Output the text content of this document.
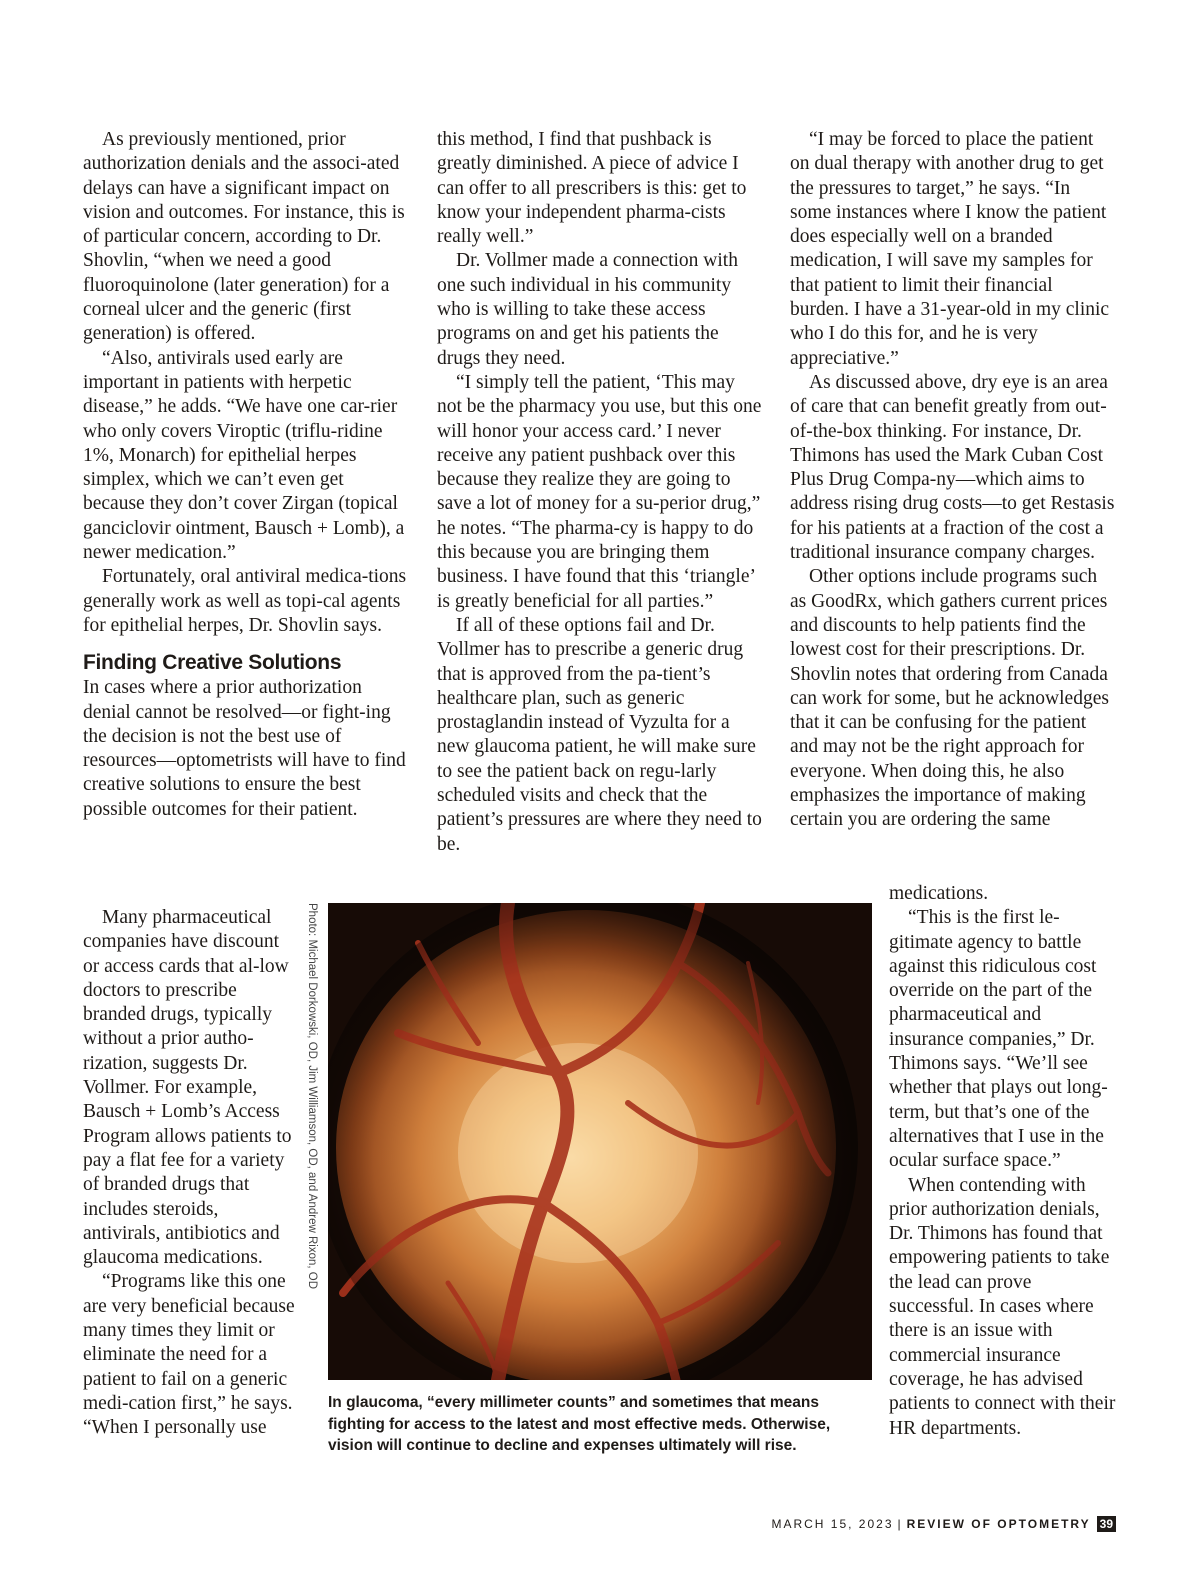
As previously mentioned, prior authorization denials and the associ-ated delays can have a significant impact on vision and outcomes. For instance, this is of particular concern, according to Dr. Shovlin, “when we need a good fluoroquinolone (later generation) for a corneal ulcer and the generic (first generation) is offered.

“Also, antivirals used early are important in patients with herpetic disease,” he adds. “We have one car-rier who only covers Viroptic (triflu-ridine 1%, Monarch) for epithelial herpes simplex, which we can’t even get because they don’t cover Zirgan (topical ganciclovir ointment, Bausch + Lomb), a newer medication.”

Fortunately, oral antiviral medica-tions generally work as well as topi-cal agents for epithelial herpes, Dr. Shovlin says.

Finding Creative Solutions

In cases where a prior authorization denial cannot be resolved—or fight-ing the decision is not the best use of resources—optometrists will have to find creative solutions to ensure the best possible outcomes for their patient.

Many pharmaceutical companies have discount or access cards that al-low doctors to prescribe branded drugs, typically without a prior autho-rization, suggests Dr. Vollmer. For example, Bausch + Lomb’s Access Program allows patients to pay a flat fee for a variety of branded drugs that includes steroids, antivirals, antibiotics and glaucoma medications.

“Programs like this one are very beneficial because many times they limit or eliminate the need for a patient to fail on a generic medi-cation first,” he says. “When I personally use

this method, I find that pushback is greatly diminished. A piece of advice I can offer to all prescribers is this: get to know your independent pharma-cists really well.”

Dr. Vollmer made a connection with one such individual in his community who is willing to take these access programs on and get his patients the drugs they need.

“I simply tell the patient, ‘This may not be the pharmacy you use, but this one will honor your access card.’ I never receive any patient pushback over this because they realize they are going to save a lot of money for a su-perior drug,” he notes. “The pharma-cy is happy to do this because you are bringing them business. I have found that this ‘triangle’ is greatly beneficial for all parties.”

If all of these options fail and Dr. Vollmer has to prescribe a generic drug that is approved from the pa-tient’s healthcare plan, such as generic prostaglandin instead of Vyzulta for a new glaucoma patient, he will make sure to see the patient back on regu-larly scheduled visits and check that the patient’s pressures are where they need to be.

“I may be forced to place the patient on dual therapy with another drug to get the pressures to target,” he says. “In some instances where I know the patient does especially well on a branded medication, I will save my samples for that patient to limit their financial burden. I have a 31-year-old in my clinic who I do this for, and he is very appreciative.”

As discussed above, dry eye is an area of care that can benefit greatly from out-of-the-box thinking. For instance, Dr. Thimons has used the Mark Cuban Cost Plus Drug Compa-ny—which aims to address rising drug costs—to get Restasis for his patients at a fraction of the cost a traditional insurance company charges.

Other options include programs such as GoodRx, which gathers current prices and discounts to help patients find the lowest cost for their prescriptions. Dr. Shovlin notes that ordering from Canada can work for some, but he acknowledges that it can be confusing for the patient and may not be the right approach for everyone. When doing this, he also emphasizes the importance of making certain you are ordering the same

medications.

“This is the first le-gitimate agency to battle against this ridiculous cost override on the part of the pharmaceutical and insurance companies,” Dr. Thimons says. “We’ll see whether that plays out long-term, but that’s one of the alternatives that I use in the ocular surface space.”

When contending with prior authorization denials, Dr. Thimons has found that empowering patients to take the lead can prove successful. In cases where there is an issue with commercial insurance coverage, he has advised patients to connect with their HR departments.

Photo: Michael Dorkowski, OD, Jim Williamson, OD, and Andrew Rixon, OD

In glaucoma, “every millimeter counts” and sometimes that means fighting for access to the latest and most effective meds. Otherwise, vision will continue to decline and expenses ultimately will rise.

MARCH 15, 2023 | REVIEW OF OPTOMETRY 39
